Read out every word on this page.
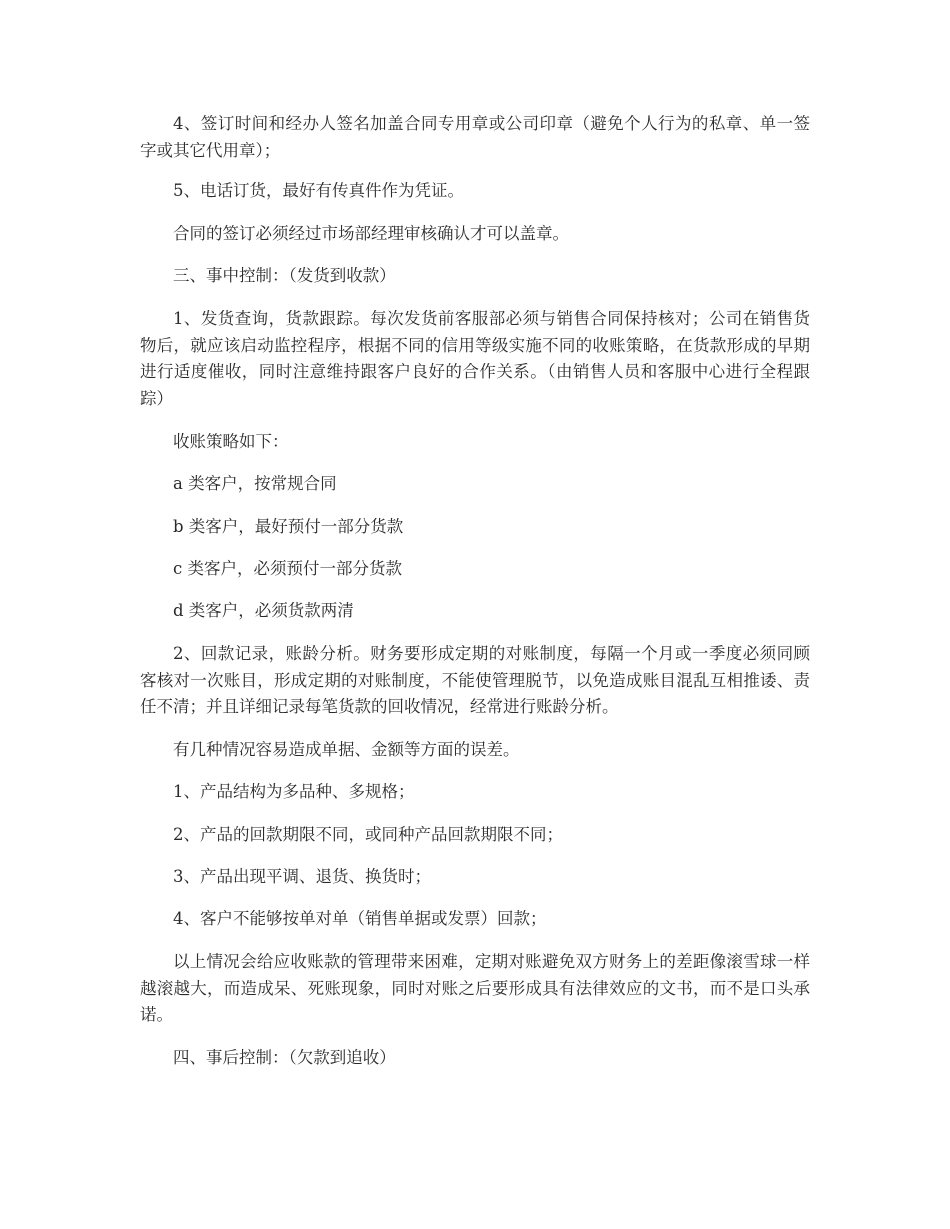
4、签订时间和经办人签名加盖合同专用章或公司印章（避免个人行为的私章、单一签字或其它代用章）；

5、电话订货，最好有传真件作为凭证。

合同的签订必须经过市场部经理审核确认才可以盖章。

三、事中控制：（发货到收款）

1、发货查询，货款跟踪。每次发货前客服部必须与销售合同保持核对；公司在销售货物后，就应该启动监控程序，根据不同的信用等级实施不同的收账策略，在货款形成的早期进行适度催收，同时注意维持跟客户良好的合作关系。（由销售人员和客服中心进行全程跟踪）

收账策略如下：

a 类客户，按常规合同

b 类客户，最好预付一部分货款

c 类客户，必须预付一部分货款

d 类客户，必须货款两清

2、回款记录，账龄分析。财务要形成定期的对账制度，每隔一个月或一季度必须同顾客核对一次账目，形成定期的对账制度，不能使管理脱节，以免造成账目混乱互相推诿、责任不清；并且详细记录每笔货款的回收情况，经常进行账龄分析。

有几种情况容易造成单据、金额等方面的误差。

1、产品结构为多品种、多规格；

2、产品的回款期限不同，或同种产品回款期限不同；

3、产品出现平调、退货、换货时；

4、客户不能够按单对单（销售单据或发票）回款；

以上情况会给应收账款的管理带来困难，定期对账避免双方财务上的差距像滚雪球一样越滚越大，而造成呆、死账现象，同时对账之后要形成具有法律效应的文书，而不是口头承诺。

四、事后控制：（欠款到追收）
